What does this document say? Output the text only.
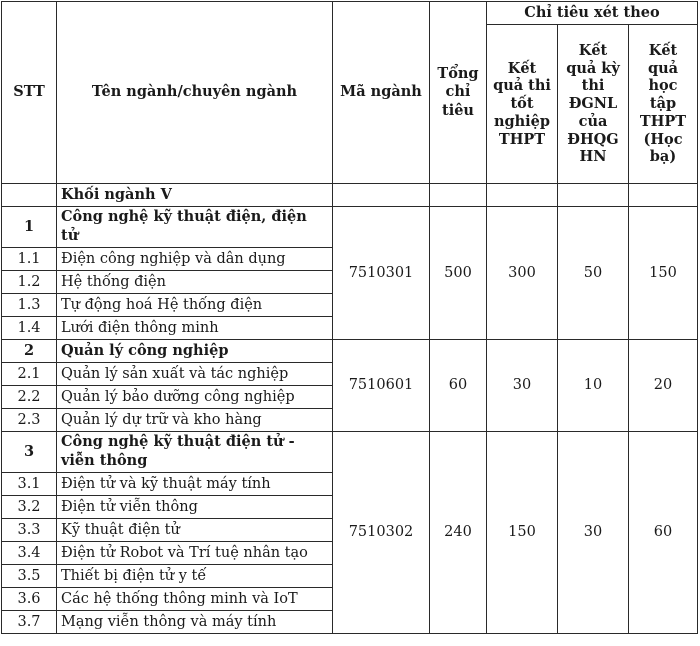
STT	Tên ngành/chuyên ngành	Mã ngành	Tổng chỉ tiêu	Chỉ tiêu xét theo		
				Kết quả thi tốt nghiệp THPT	Kết quả kỳ thi ĐGNL của ĐHQG HN	Kết quả học tập THPT (Học bạ)
	Khối ngành V					
1	Công nghệ kỹ thuật điện, điện tử	7510301	500	300	50	150
1.1	Điện công nghiệp và dân dụng					
1.2	Hệ thống điện					
1.3	Tự động hoá Hệ thống điện					
1.4	Lưới điện thông minh					
2	Quản lý công nghiệp	7510601	60	30	10	20
2.1	Quản lý sản xuất và tác nghiệp					
2.2	Quản lý bảo dưỡng công nghiệp					
2.3	Quản lý dự trữ và kho hàng					
3	Công nghệ kỹ thuật điện tử - viễn thông	7510302	240	150	30	60
3.1	Điện tử và kỹ thuật máy tính					
3.2	Điện tử viễn thông					
3.3	Kỹ thuật điện tử					
3.4	Điện tử Robot và Trí tuệ nhân tạo					
3.5	Thiết bị điện tử y tế					
3.6	Các hệ thống thông minh và IoT					
3.7	Mạng viễn thông và máy tính					
